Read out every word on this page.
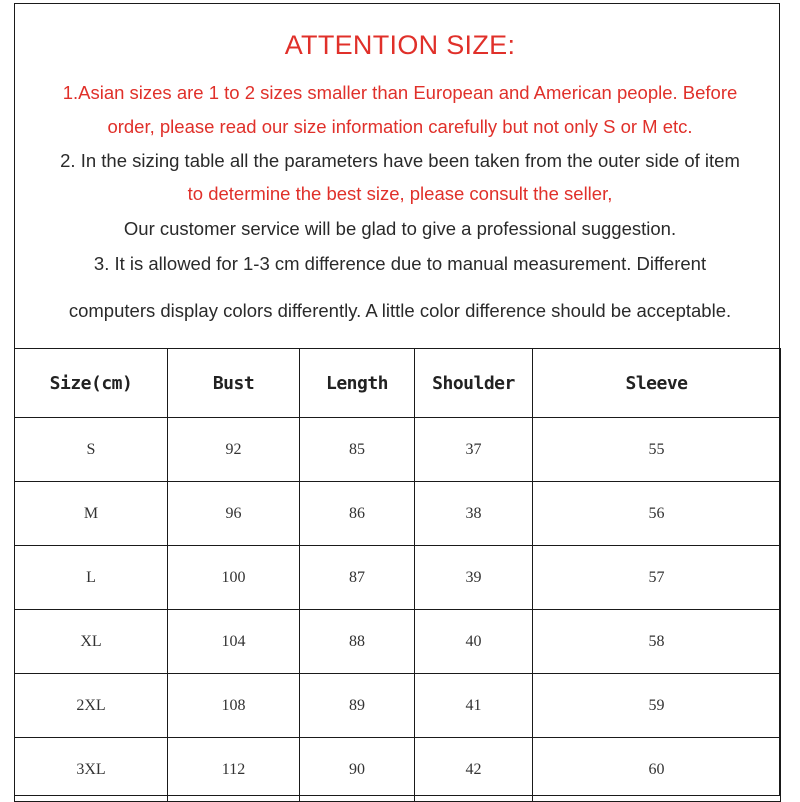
ATTENTION SIZE:
1.Asian sizes are 1 to 2 sizes smaller than European and American people. Before
order, please read our size information carefully but not only S or M etc.
2. In the sizing table all the parameters have been taken from the outer side of item
to determine the best size, please consult the seller,
Our customer service will be glad to give a professional suggestion.
3. It is allowed for 1-3 cm difference due to manual measurement. Different
computers display colors differently. A little color difference should be acceptable.
Size(cm)	Bust	Length	Shoulder	Sleeve
S	92	85	37	55
M	96	86	38	56
L	100	87	39	57
XL	104	88	40	58
2XL	108	89	41	59
3XL	112	90	42	60
